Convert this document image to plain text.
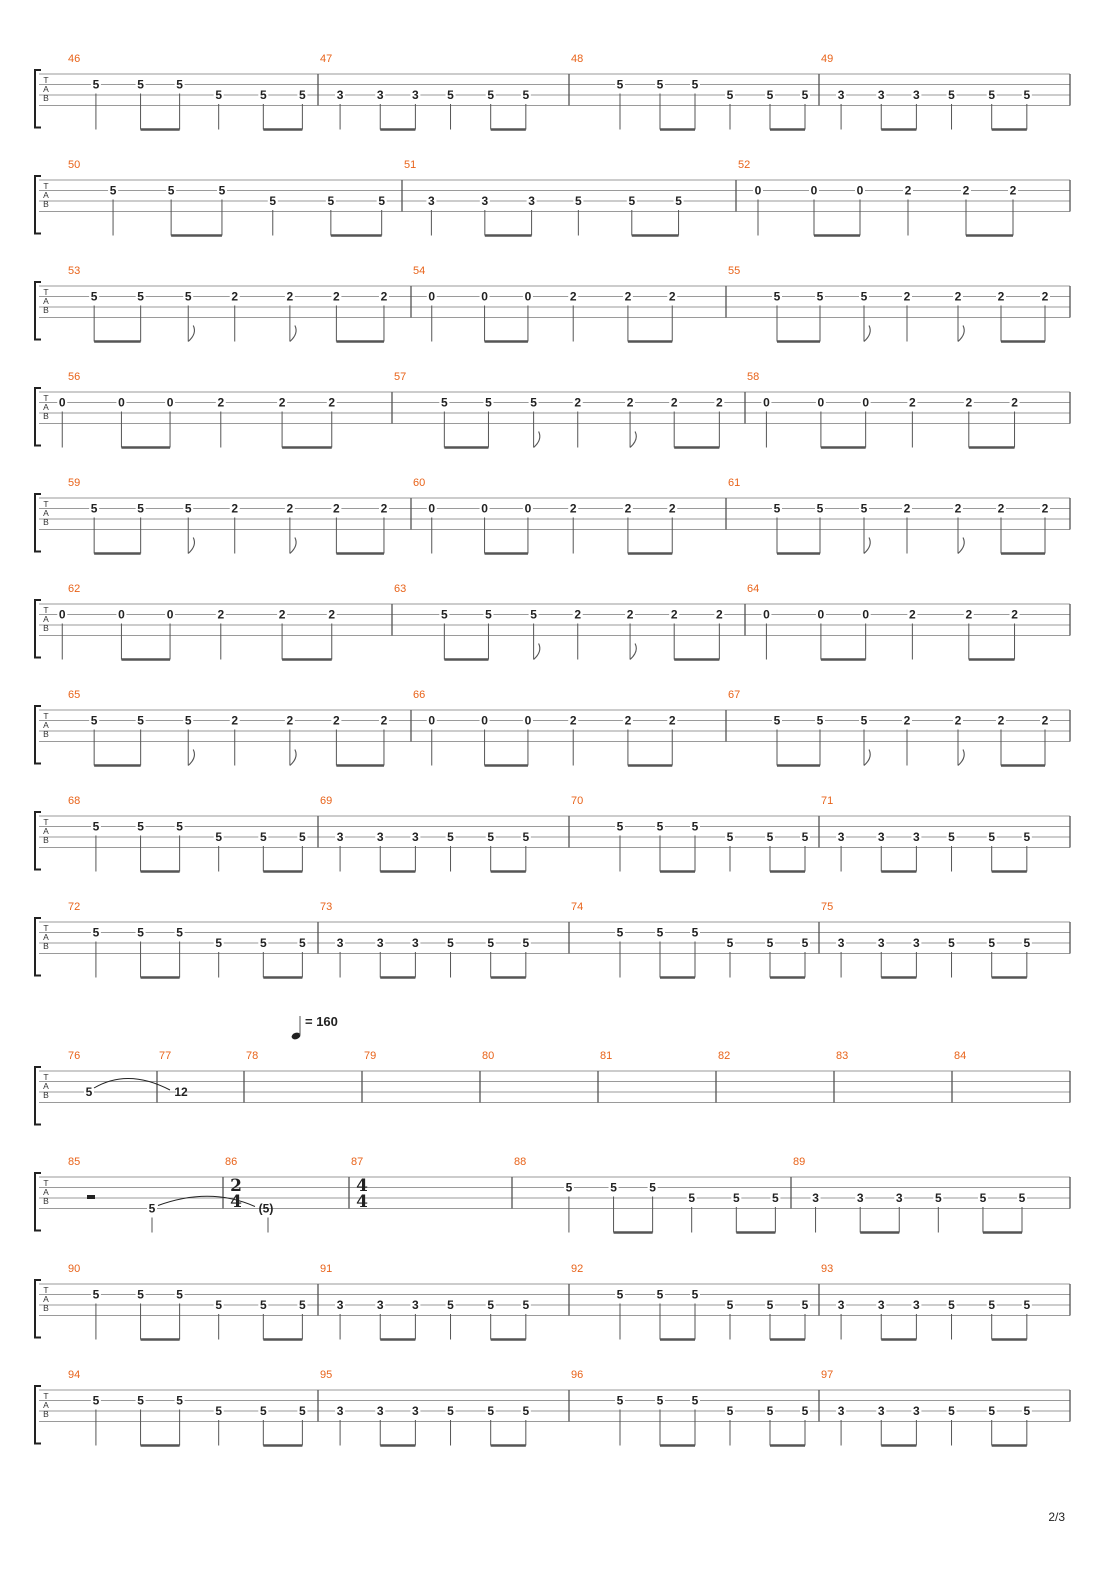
T
A
B
46
5	5	5
5	5	5
47
3	3 3 5	5 5
48
5	5 5
5	5 5
49
3	3 3 5	5 5
T
A
B
50
5	5	5
5	5	5
51
3	3	3	5	5	5
52
0	0	0	2	2	2
T
A
B
53
5	5	5	2	2	2	2
54
0	0	0	2	2	2
55
5	5	5	2	2	2	2
T
A
B
56
0	0	0	2	2	2
57
5	5	5	2	2	2	2
58
0	0	0	2	2	2
T
A
B
59
5	5	5	2	2	2	2
60
0	0	0	2	2	2
61
5	5	5	2	2	2	2
T
A
B
62
0	0	0	2	2	2
63
5	5	5	2	2	2	2
64
0	0	0	2	2	2
T
A
B
65
5	5	5	2	2	2	2
66
0	0	0	2	2	2
67
5	5	5	2	2	2	2
T
A
B
68
5	5	5
5	5	5
69
3	3 3 5	5 5
70
5	5 5
5	5 5
71
3	3 3 5	5 5
T
A
B
72
5	5	5
5	5	5
73
3	3 3 5	5 5
74
5	5 5
5	5 5
75
3	3 3 5	5 5
T
A
B
76	77	78	79	80	81	82	83	84
= 160
5	12
T
A
B
85	86	87	88
5	5	5
5	5	5
89
3	3	3	5	5	5
5	(5)
2
4
4
4
T
A
B
90
5	5	5
5	5	5
91
3	3 3 5	5 5
92
5	5 5
5	5 5
93
3	3 3 5	5 5
T
A
B
94
5	5	5
5	5	5
95
3	3 3 5	5 5
96
5	5 5
5	5 5
97
3	3 3 5	5 5
2/3
